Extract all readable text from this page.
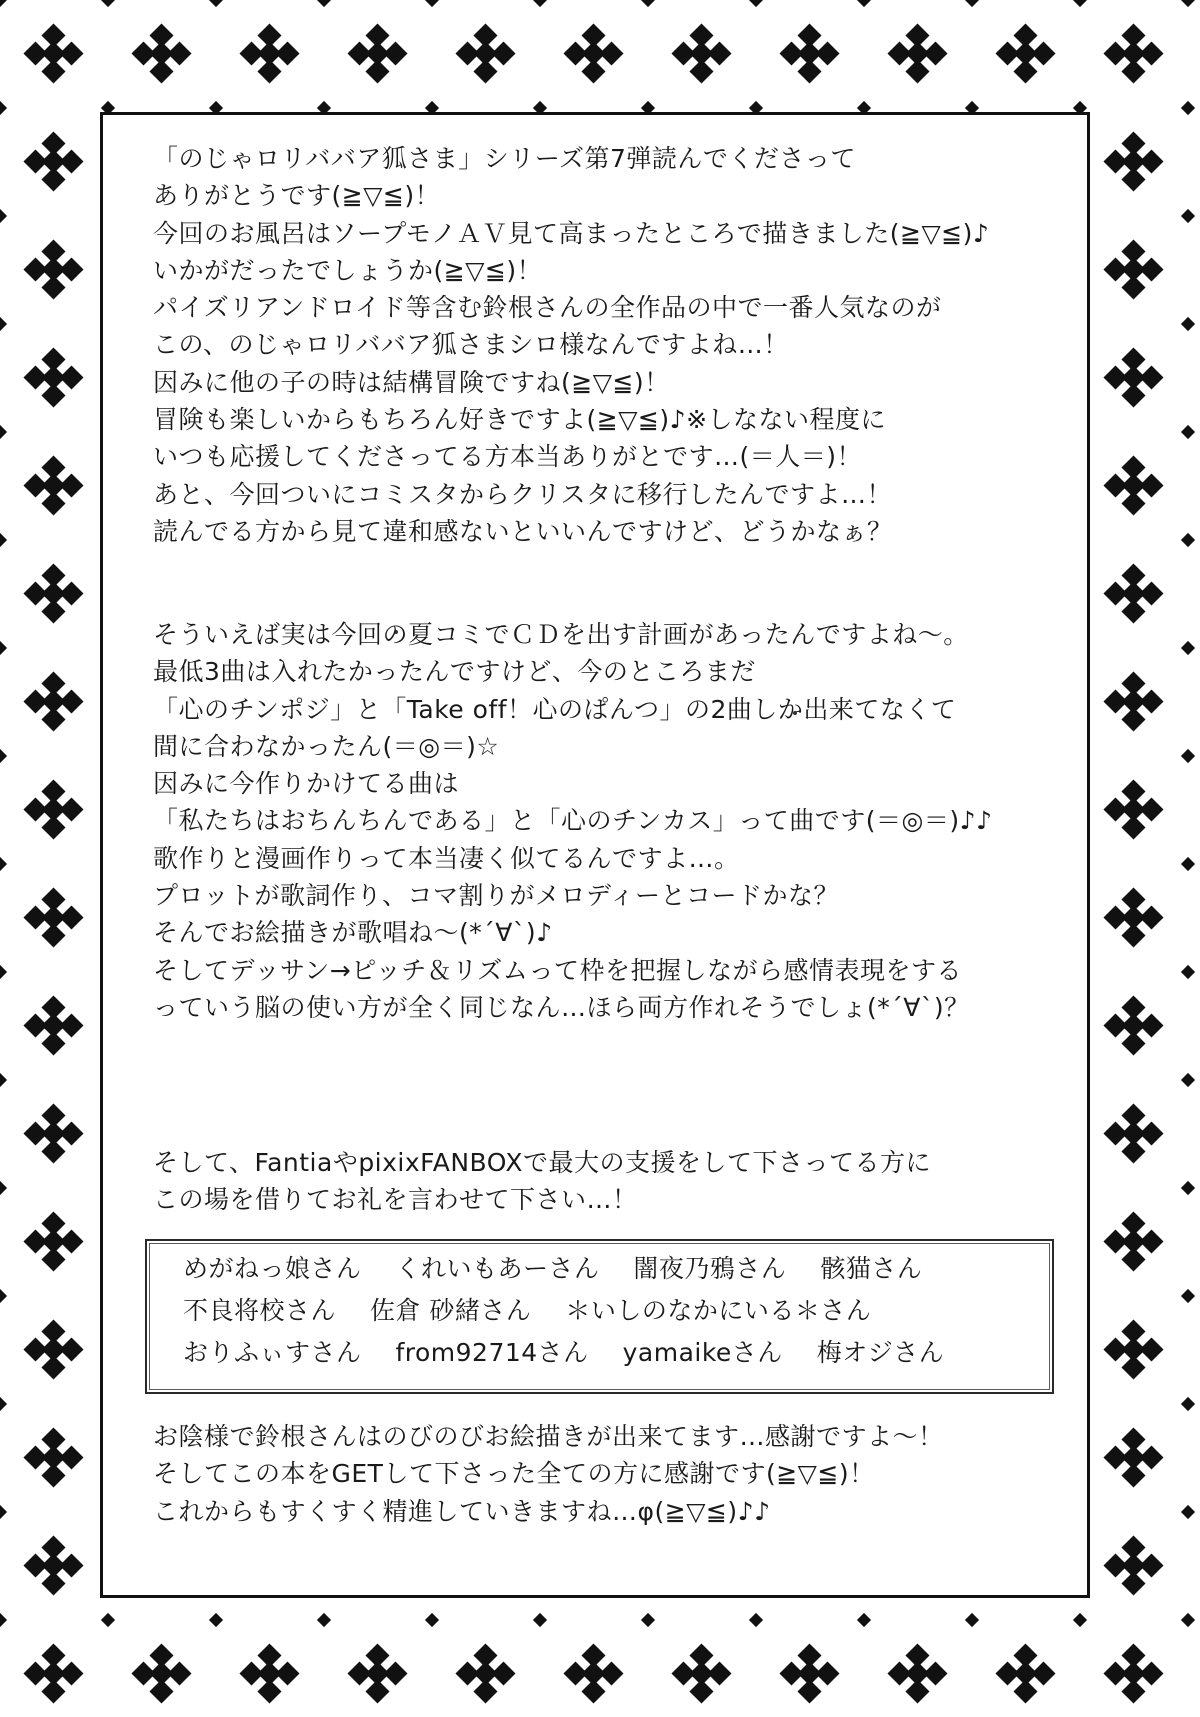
「のじゃロリババア狐さま」シリーズ第7弾読んでくださって
ありがとうです(≧▽≦)！
今回のお風呂はソープモノＡＶ見て高まったところで描きました(≧▽≦)♪
いかがだったでしょうか(≧▽≦)！
パイズリアンドロイド等含む鈴根さんの全作品の中で一番人気なのが
この、のじゃロリババア狐さまシロ様なんですよね…！
因みに他の子の時は結構冒険ですね(≧▽≦)！
冒険も楽しいからもちろん好きですよ(≧▽≦)♪※しなない程度に
いつも応援してくださってる方本当ありがとです…(＝人＝)！
あと、今回ついにコミスタからクリスタに移行したんですよ…！
読んでる方から見て違和感ないといいんですけど、どうかなぁ？

そういえば実は今回の夏コミでＣＤを出す計画があったんですよね～。
最低3曲は入れたかったんですけど、今のところまだ
「心のチンポジ」と「Take off！心のぱんつ」の2曲しか出来てなくて
間に合わなかったん(＝◎＝)☆
因みに今作りかけてる曲は
「私たちはおちんちんである」と「心のチンカス」って曲です(＝◎＝)♪♪
歌作りと漫画作りって本当凄く似てるんですよ…。
プロットが歌詞作り、コマ割りがメロディーとコードかな？
そんでお絵描きが歌唱ね～(*´∀`)♪
そしてデッサン→ピッチ＆リズムって枠を把握しながら感情表現をする
っていう脳の使い方が全く同じなん…ほら両方作れそうでしょ(*´∀`)？

そして、FantiaやpixixFANBOXで最大の支援をして下さってる方に
この場を借りてお礼を言わせて下さい…！

めがねっ娘さん　 くれいもあーさん　 闇夜乃鴉さん　 骸猫さん

不良将校さん　 佐倉 砂緒さん　 ＊いしのなかにいる＊さん

おりふぃすさん　 from92714さん　 yamaikeさん　 梅オジさん

お陰様で鈴根さんはのびのびお絵描きが出来てます…感謝ですよ～！
そしてこの本をGETして下さった全ての方に感謝です(≧▽≦)！
これからもすくすく精進していきますね…φ(≧▽≦)♪♪
